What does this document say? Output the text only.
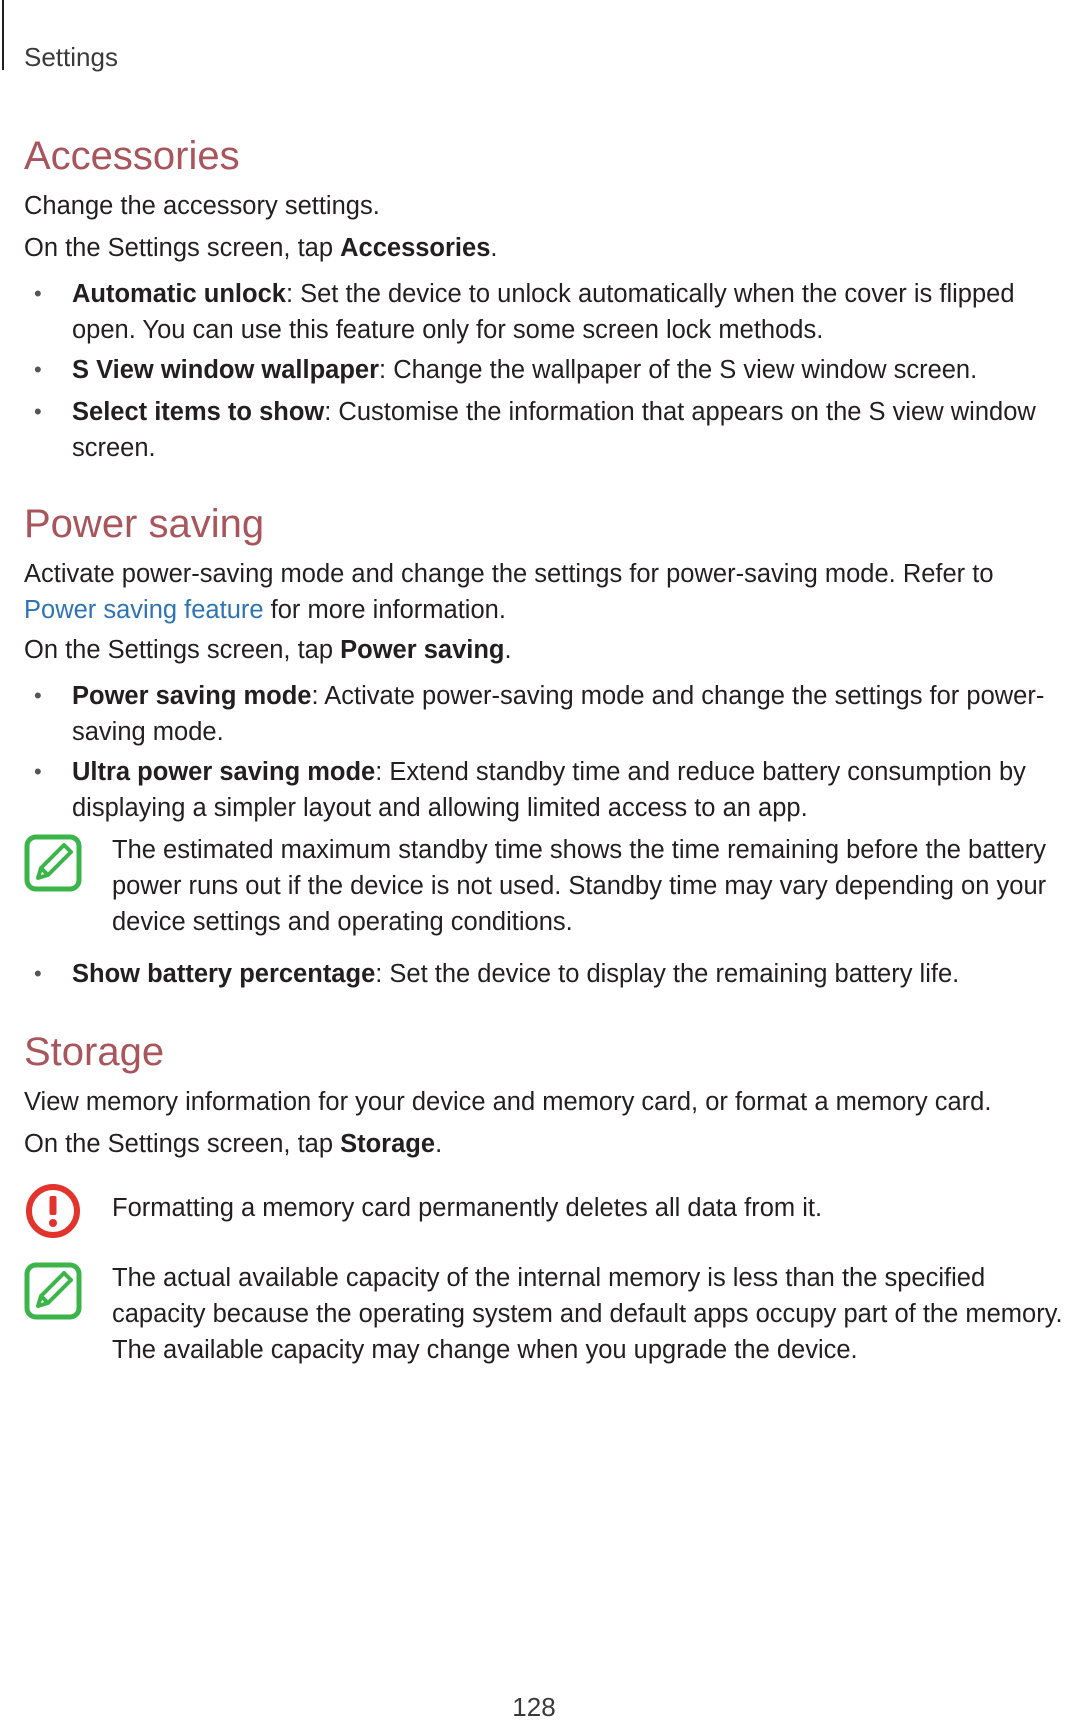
Settings
Accessories

Change the accessory settings.

On the Settings screen, tap Accessories.

• Automatic unlock: Set the device to unlock automatically when the cover is flipped open. You can use this feature only for some screen lock methods.

• S View window wallpaper: Change the wallpaper of the S view window screen.

• Select items to show: Customise the information that appears on the S view window screen.

Power saving

Activate power-saving mode and change the settings for power-saving mode. Refer to Power saving feature for more information.

On the Settings screen, tap Power saving.

• Power saving mode: Activate power-saving mode and change the settings for power-saving mode.

• Ultra power saving mode: Extend standby time and reduce battery consumption by displaying a simpler layout and allowing limited access to an app.

The estimated maximum standby time shows the time remaining before the battery power runs out if the device is not used. Standby time may vary depending on your device settings and operating conditions.

• Show battery percentage: Set the device to display the remaining battery life.

Storage

View memory information for your device and memory card, or format a memory card.

On the Settings screen, tap Storage.

Formatting a memory card permanently deletes all data from it.

The actual available capacity of the internal memory is less than the specified capacity because the operating system and default apps occupy part of the memory. The available capacity may change when you upgrade the device.

128
